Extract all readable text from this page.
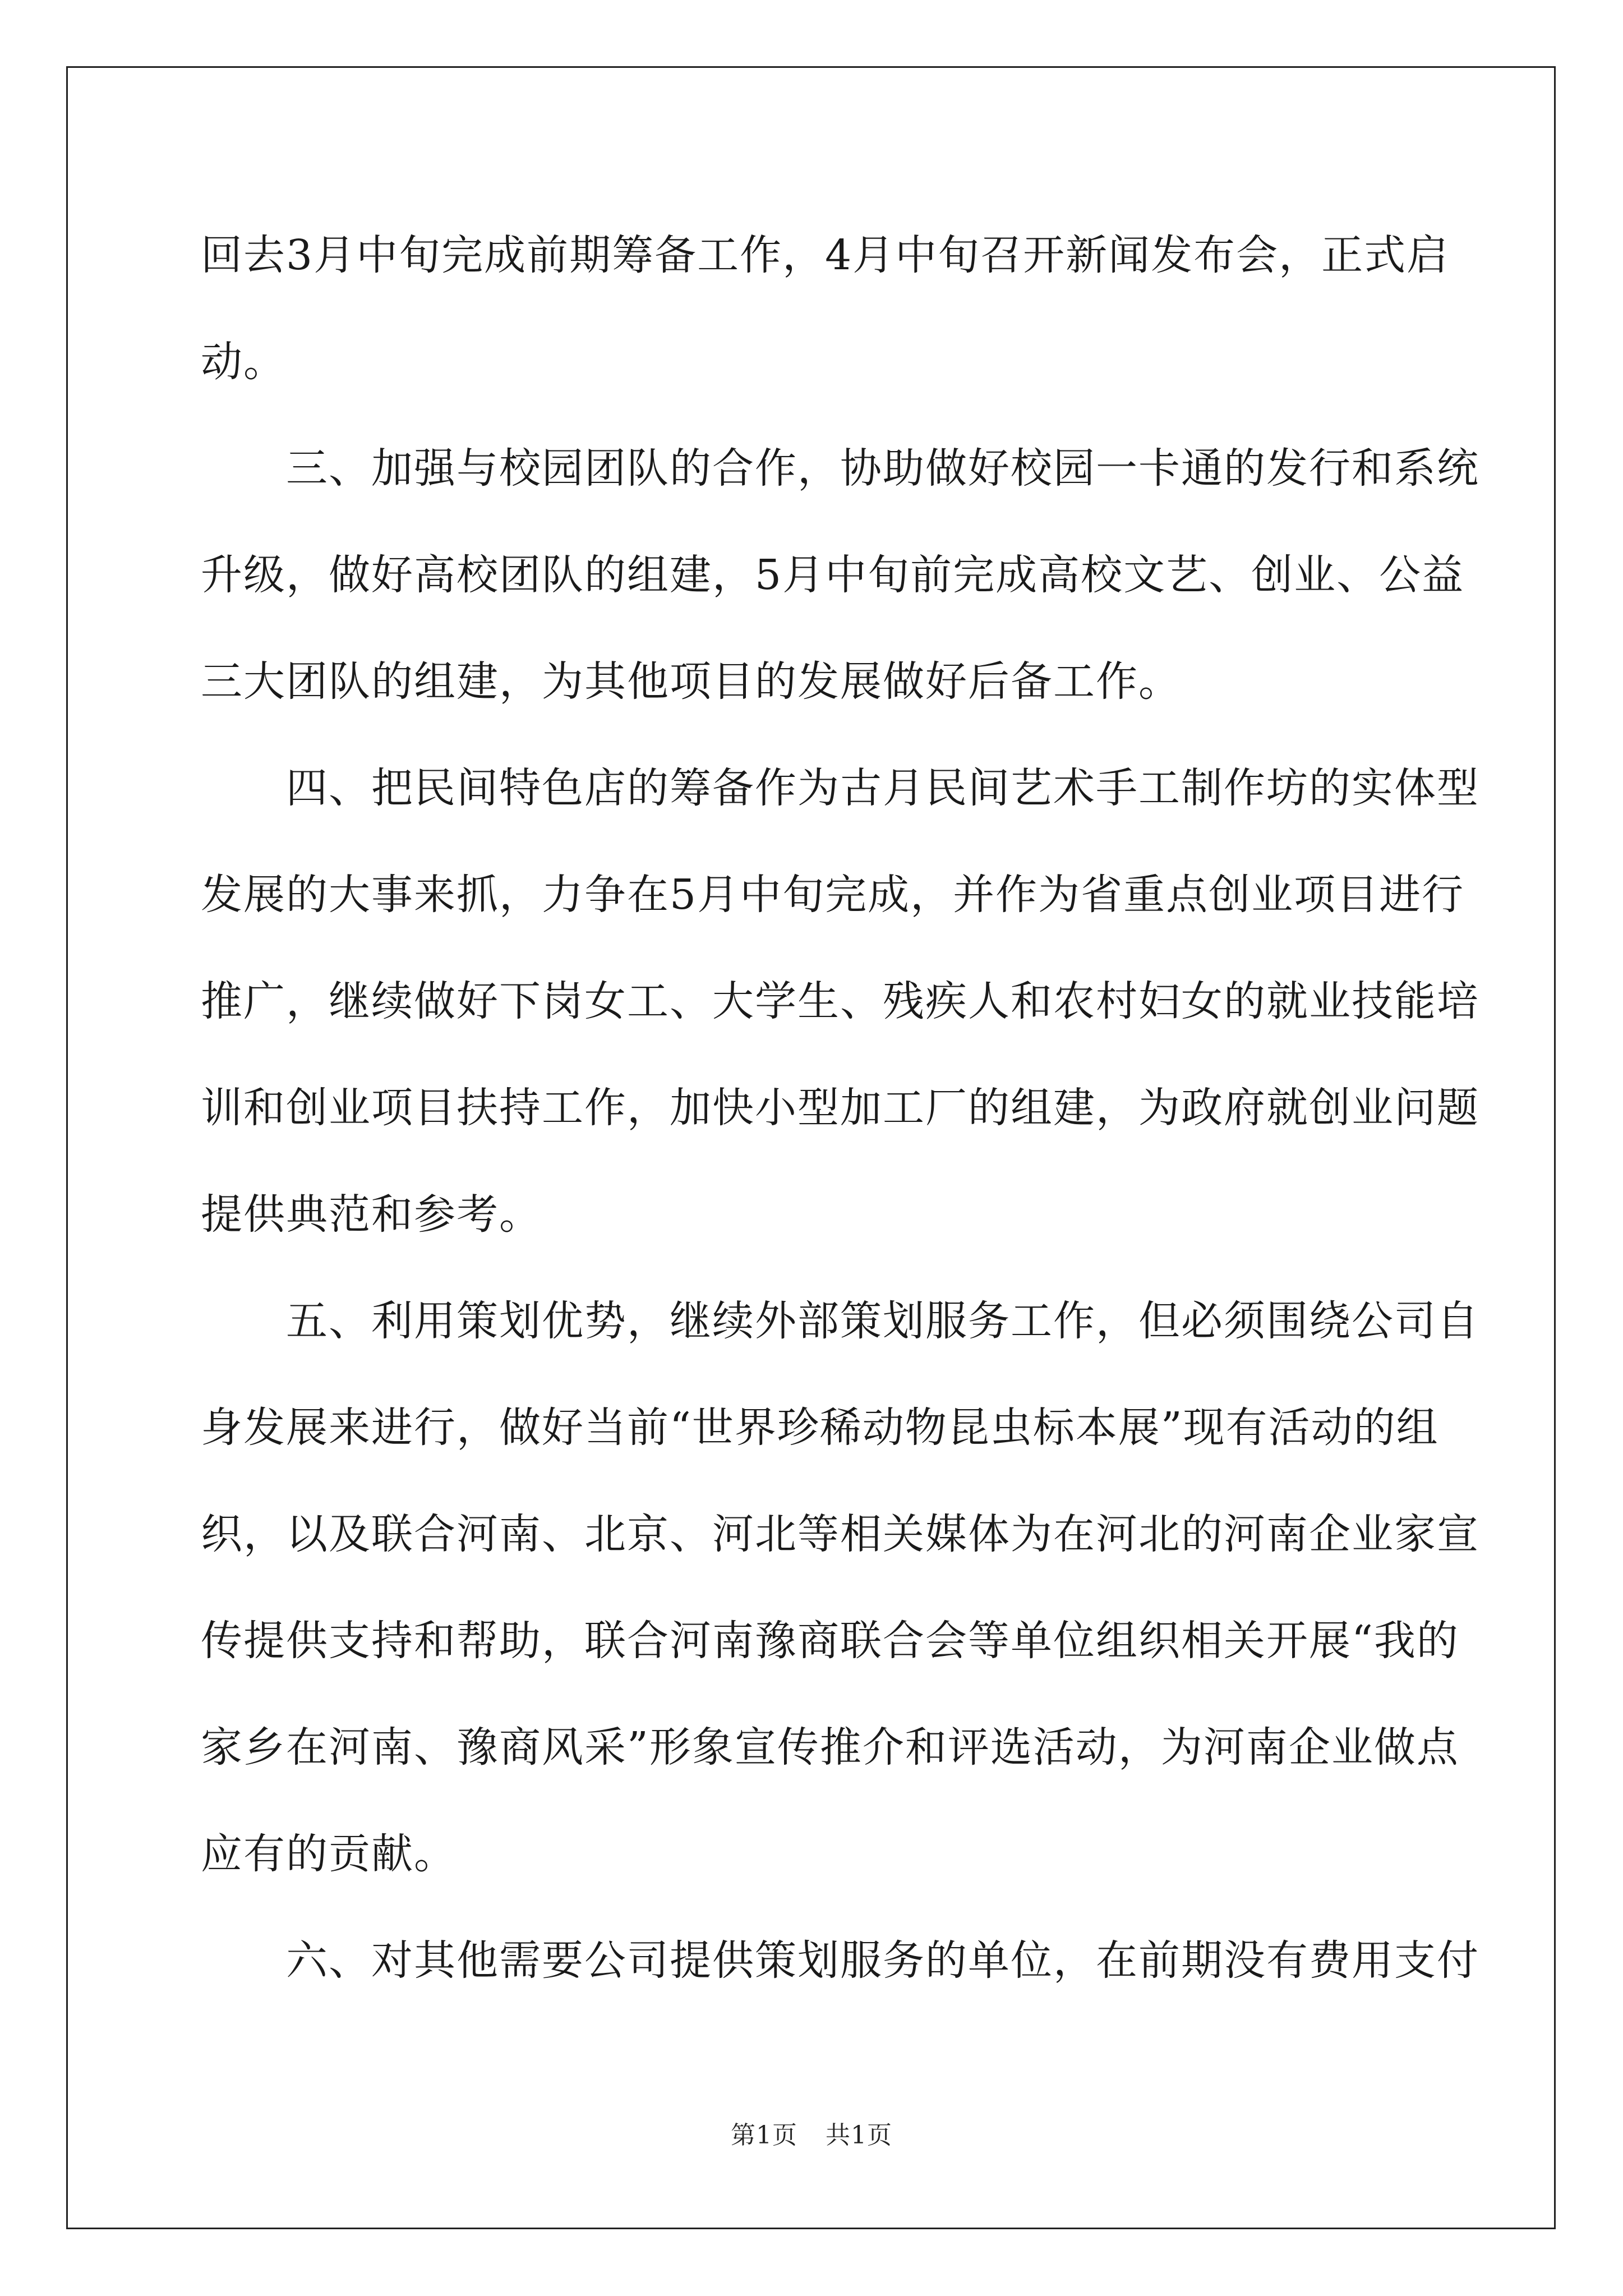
回去3月中旬完成前期筹备工作，4月中旬召开新闻发布会，正式启
动。
　　三、加强与校园团队的合作，协助做好校园一卡通的发行和系统
升级，做好高校团队的组建，5月中旬前完成高校文艺、创业、公益
三大团队的组建，为其他项目的发展做好后备工作。
　　四、把民间特色店的筹备作为古月民间艺术手工制作坊的实体型
发展的大事来抓，力争在5月中旬完成，并作为省重点创业项目进行
推广，继续做好下岗女工、大学生、残疾人和农村妇女的就业技能培
训和创业项目扶持工作，加快小型加工厂的组建，为政府就创业问题
提供典范和参考。
　　五、利用策划优势，继续外部策划服务工作，但必须围绕公司自
身发展来进行，做好当前“世界珍稀动物昆虫标本展”现有活动的组
织，以及联合河南、北京、河北等相关媒体为在河北的河南企业家宣
传提供支持和帮助，联合河南豫商联合会等单位组织相关开展“我的
家乡在河南、豫商风采”形象宣传推介和评选活动，为河南企业做点
应有的贡献。
　　六、对其他需要公司提供策划服务的单位，在前期没有费用支付
第1页 共1页
